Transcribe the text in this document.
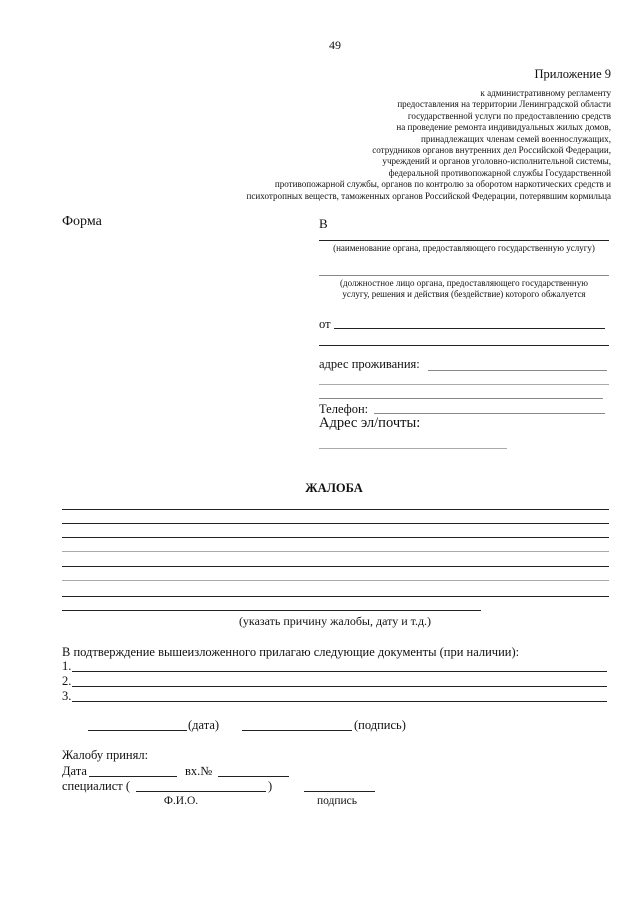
49
Приложение 9
к административному регламенту
предоставления на территории Ленинградской области
государственной услуги по предоставлению средств
на проведение ремонта индивидуальных жилых домов,
принадлежащих членам семей военнослужащих,
сотрудников органов внутренних дел Российской Федерации,
учреждений и органов уголовно-исполнительной системы,
федеральной противопожарной службы Государственной
противопожарной службы, органов по контролю за оборотом наркотических средств и
психотропных веществ, таможенных органов Российской Федерации, потерявшим кормильца
Форма	В
(наименование органа, предоставляющего государственную услугу)
(должностное лицо органа, предоставляющего государственную
услугу, решения и действия (бездействие) которого обжалуется
от
адрес проживания:
Телефон:
Адрес эл/почты:
ЖАЛОБА
(указать причину жалобы, дату и т.д.)
В подтверждение вышеизложенного прилагаю следующие документы (при наличии):
1.
2.
3.
(дата)	(подпись)
Жалобу принял:
Дата	вх.№
специалист (	)
Ф.И.О.	подпись
